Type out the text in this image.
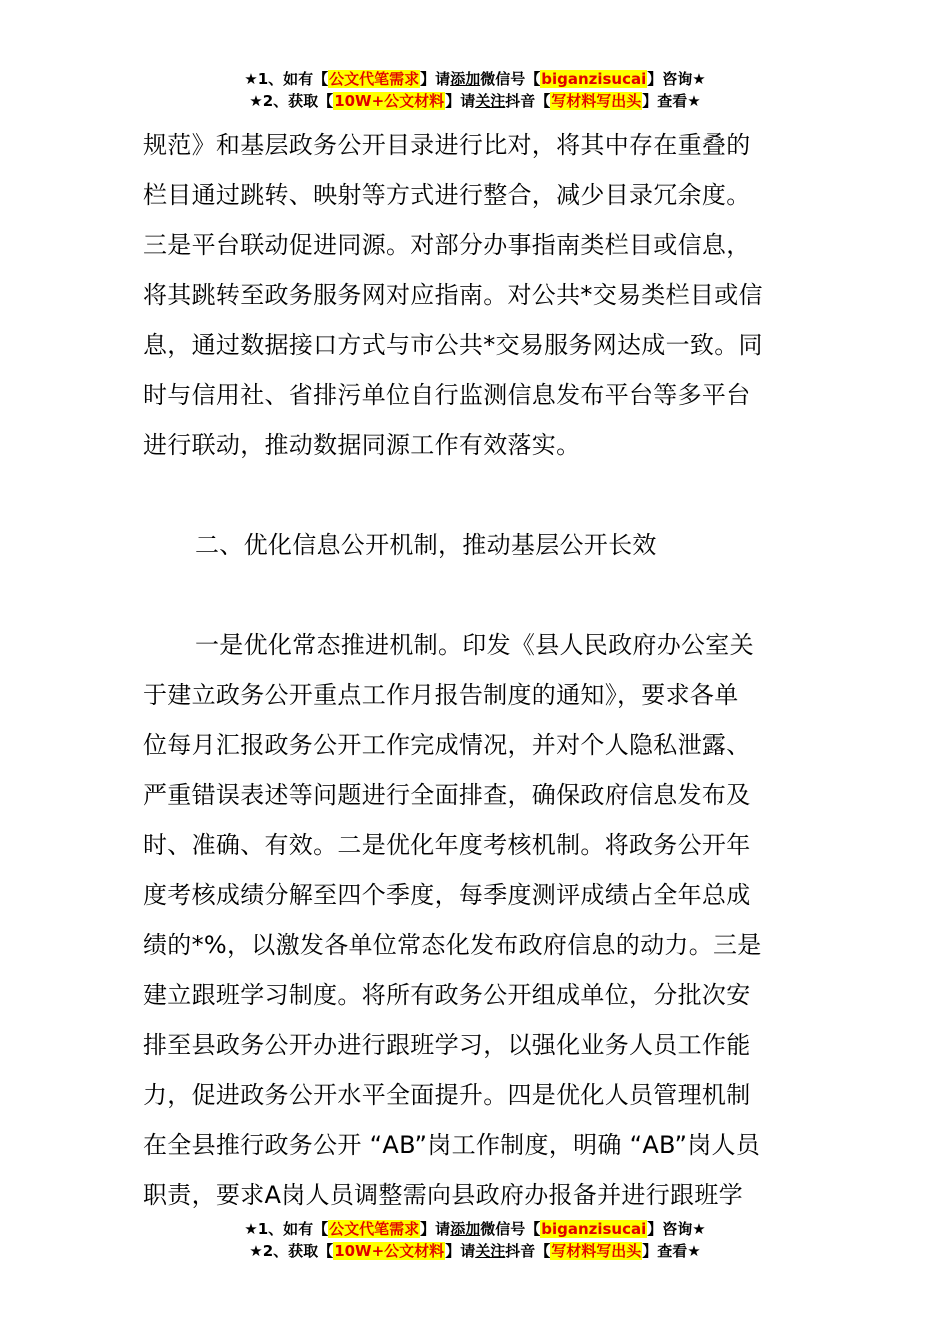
★1、如有【公文代笔需求】请添加微信号【biganzisucai】咨询★
★2、获取【10W+公文材料】请关注抖音【写材料写出头】查看★
规范》和基层政务公开目录进行比对，将其中存在重叠的
栏目通过跳转、映射等方式进行整合，减少目录冗余度。
三是平台联动促进同源。对部分办事指南类栏目或信息，
将其跳转至政务服务网对应指南。对公共*交易类栏目或信
息，通过数据接口方式与市公共*交易服务网达成一致。同
时与信用社、省排污单位自行监测信息发布平台等多平台
进行联动，推动数据同源工作有效落实。
二、优化信息公开机制，推动基层公开长效
一是优化常态推进机制。印发《县人民政府办公室关
于建立政务公开重点工作月报告制度的通知》，要求各单
位每月汇报政务公开工作完成情况，并对个人隐私泄露、
严重错误表述等问题进行全面排查，确保政府信息发布及
时、准确、有效。二是优化年度考核机制。将政务公开年
度考核成绩分解至四个季度，每季度测评成绩占全年总成
绩的*%，以激发各单位常态化发布政府信息的动力。三是
建立跟班学习制度。将所有政务公开组成单位，分批次安
排至县政务公开办进行跟班学习，以强化业务人员工作能
力，促进政务公开水平全面提升。四是优化人员管理机制
在全县推行政务公开 “AB”岗工作制度，明确 “AB”岗人员
职责，要求A岗人员调整需向县政府办报备并进行跟班学
★1、如有【公文代笔需求】请添加微信号【biganzisucai】咨询★
★2、获取【10W+公文材料】请关注抖音【写材料写出头】查看★
